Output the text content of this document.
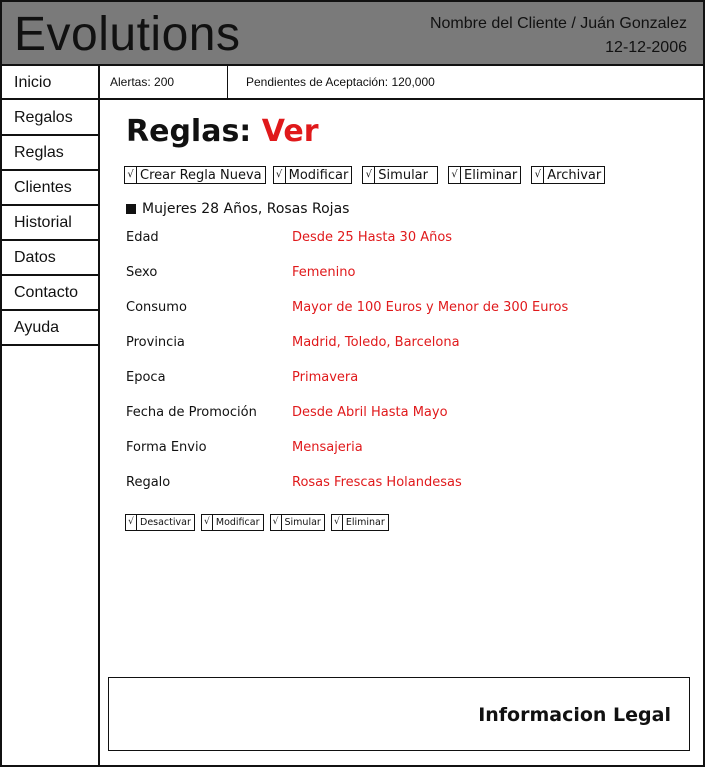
Evolutions	Nombre del Cliente / Juán Gonzalez
12-12-2006
Alertas: 200	Pendientes de Aceptación: 120,000
Inicio
Regalos
Reglas
Clientes
Historial
Datos
Contacto
Ayuda
Reglas: Ver
√ Crear Regla Nueva √ Modificar √ Simular √ Eliminar √ Archivar
Mujeres 28 Años, Rosas Rojas
Edad	Desde 25 Hasta 30 Años
Sexo	Femenino
Consumo	Mayor de 100 Euros y Menor de 300 Euros
Provincia	Madrid, Toledo, Barcelona
Epoca	Primavera
Fecha de Promoción	Desde Abril Hasta Mayo
Forma Envio	Mensajeria
Regalo	Rosas Frescas Holandesas
√ Desactivar √ Modificar √ Simular √ Eliminar
Informacion Legal
